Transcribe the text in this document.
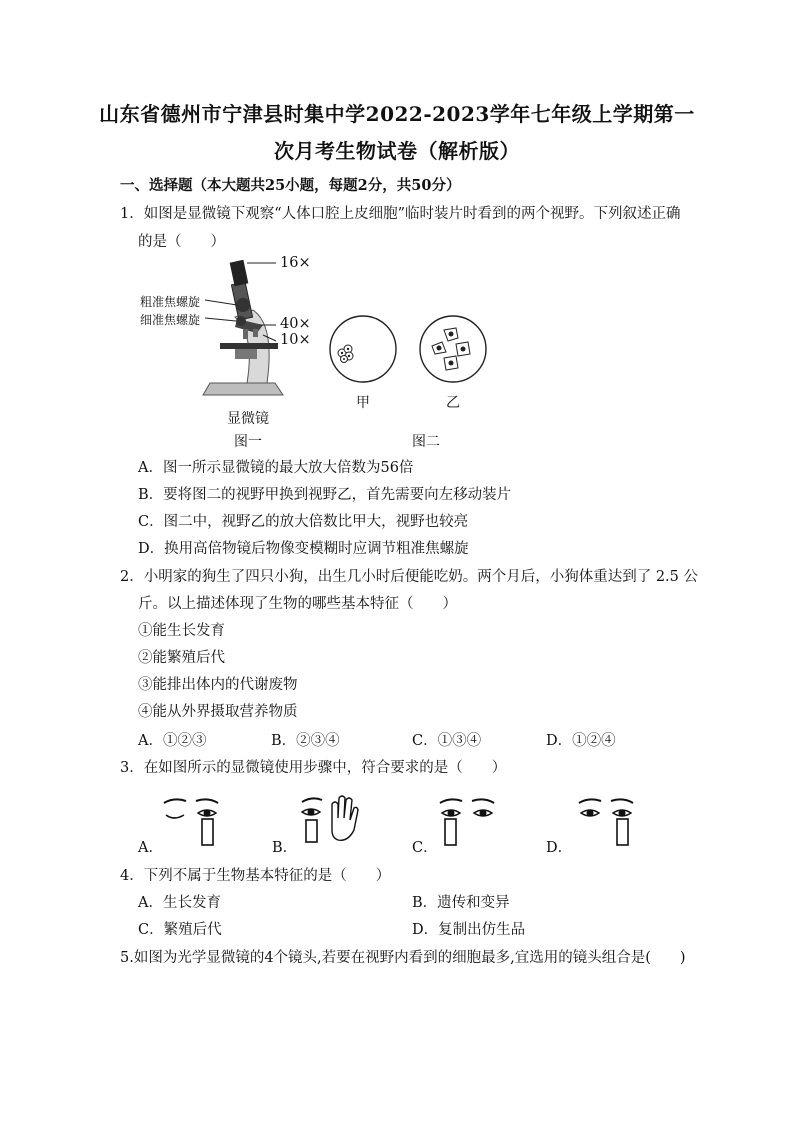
山东省德州市宁津县时集中学2022-2023学年七年级上学期第一
次月考生物试卷（解析版）
一、选择题（本大题共25小题，每题2分，共50分）
1．如图是显微镜下观察“人体口腔上皮细胞”临时装片时看到的两个视野。下列叙述正确
的是（　　）
16×
粗准焦螺旋
细准焦螺旋	40×
10×
显微镜
图一
甲	乙
图二
A．图一所示显微镜的最大放大倍数为56倍
B．要将图二的视野甲换到视野乙，首先需要向左移动装片
C．图二中，视野乙的放大倍数比甲大，视野也较亮
D．换用高倍物镜后物像变模糊时应调节粗准焦螺旋
2．小明家的狗生了四只小狗，出生几小时后便能吃奶。两个月后，小狗体重达到了 2.5 公
斤。以上描述体现了生物的哪些基本特征（　　）
①能生长发育
②能繁殖后代
③能排出体内的代谢废物
④能从外界摄取营养物质
A．①②③	B．②③④	C．①③④	D．①②④
3．在如图所示的显微镜使用步骤中，符合要求的是（　　）
A．	B．	C．	D．
4．下列不属于生物基本特征的是（　　）
A．生长发育	B．遗传和变异
C．繁殖后代	D．复制出仿生品
5.如图为光学显微镜的4个镜头,若要在视野内看到的细胞最多,宜选用的镜头组合是(　　)
